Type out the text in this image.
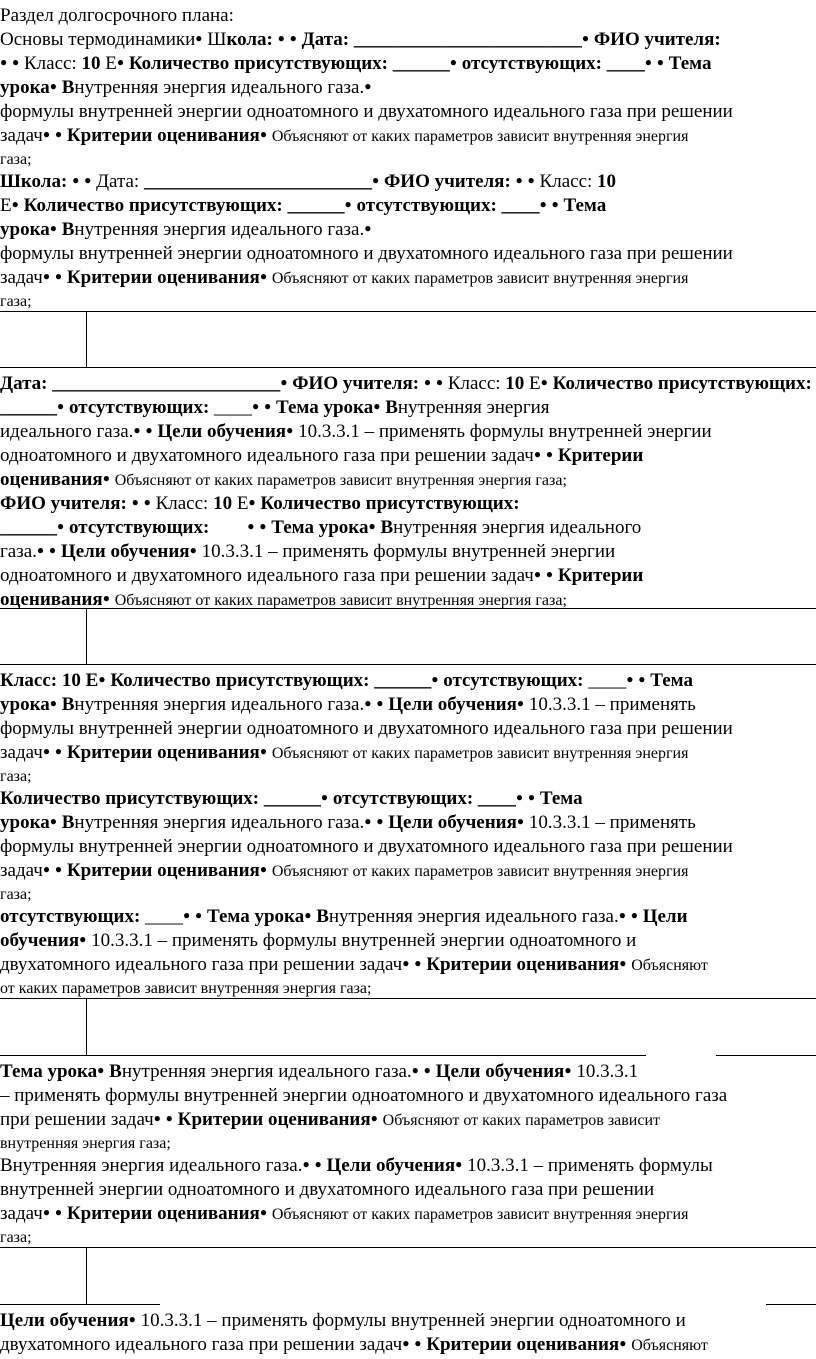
Раздел долгосрочного плана:
Основы термодинамики ● Школа: ● ● Дата: ________________________ ● ФИО учителя:
● ● Класс: 10 Е ● Количество присутствующих: ______ ● отсутствующих: ____ ● ● Тема
урока ● Внутренняя энергия идеального газа.●
формулы внутренней энергии одноатомного и двухатомного идеального газа при решении
задач ● ● Критерии оценивания ● Объясняют от каких параметров зависит внутренняя энергия
газа;
Школа: ● ● Дата: ________________________ ● ФИО учителя: ● ● Класс: 10
Е ● Количество присутствующих: ______ ● отсутствующих: ____ ● ● Тема
урока ● Внутренняя энергия идеального газа.●
формулы внутренней энергии одноатомного и двухатомного идеального газа при решении
задач ● ● Критерии оценивания ● Объясняют от каких параметров зависит внутренняя энергия
газа;
Дата: ________________________ ● ФИО учителя: ● ● Класс: 10 Е ● Количество присутствующих:
______ ● отсутствующих: ____ ● ● Тема урока ● Внутренняя энергия
идеального газа. ● ● Цели обучения ● 10.3.3.1 – применять формулы внутренней энергии
одноатомного и двухатомного идеального газа при решении задач ● ● Критерии
оценивания ● Объясняют от каких параметров зависит внутренняя энергия газа;
ФИО учителя: ● ● Класс: 10 Е ● Количество присутствующих:
______ ● отсутствующих: ● ●	Тема урока ● Внутренняя энергия идеального
газа. ● ● Цели обучения ● 10.3.3.1 – применять формулы внутренней энергии
одноатомного и двухатомного идеального газа при решении задач ● ● Критерии
оценивания ● Объясняют от каких параметров зависит внутренняя энергия газа;
Класс: 10 Е ● Количество присутствующих: ______ ● отсутствующих: ____ ● ● Тема
урока ● Внутренняя энергия идеального газа. ● ● Цели обучения ● 10.3.3.1 – применять
формулы внутренней энергии одноатомного и двухатомного идеального газа при решении
задач ● ● Критерии оценивания ● Объясняют от каких параметров зависит внутренняя энергия
газа;
Количество присутствующих: ______ ● отсутствующих: ____ ● ● Тема
урока ● Внутренняя энергия идеального газа. ● ● Цели обучения ● 10.3.3.1 – применять
формулы внутренней энергии одноатомного и двухатомного идеального газа при решении
задач ● ● Критерии оценивания ● Объясняют от каких параметров зависит внутренняя энергия
газа;
отсутствующих: ____ ● ● Тема урока ● Внутренняя энергия идеального газа. ● ● Цели
обучения ● 10.3.3.1 – применять формулы внутренней энергии одноатомного и
двухатомного идеального газа при решении задач ● ● Критерии оценивания ● Объясняют
от каких параметров зависит внутренняя энергия газа;
Тема урока ● Внутренняя энергия идеального газа. ● ● Цели обучения ● 10.3.3.1
– применять формулы внутренней энергии одноатомного и двухатомного идеального газа
при решении задач ● ● Критерии оценивания ● Объясняют от каких параметров зависит
внутренняя энергия газа;
Внутренняя энергия идеального газа. ● ● Цели обучения ● 10.3.3.1 – применять формулы
внутренней энергии одноатомного и двухатомного идеального газа при решении
задач ● ● Критерии оценивания ● Объясняют от каких параметров зависит внутренняя энергия
газа;
Цели обучения ● 10.3.3.1 – применять формулы внутренней энергии одноатомного и
двухатомного идеального газа при решении задач ● ● Критерии оценивания ● Объясняют
